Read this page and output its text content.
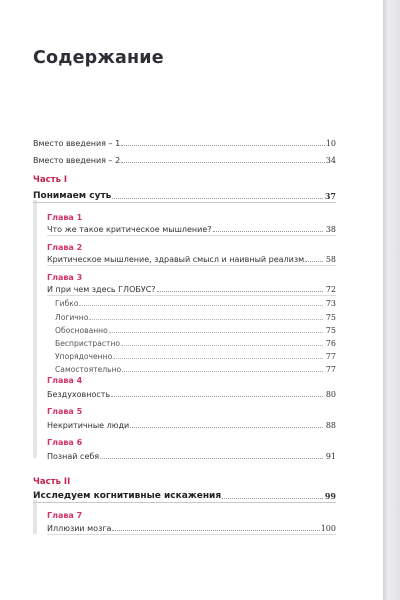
Содержание
Вместо введения – 1	10
Вместо введения – 2	34
Часть I
Понимаем суть	37
Глава 1
Что же такое критическое мышление?	38
Глава 2
Критическое мышление, здравый смысл и наивный реализм	58
Глава 3
И при чем здесь ГЛОБУС?	72
Гибко	73
Логично	75
Обоснованно	75
Беспристрастно	76
Упорядоченно	77
Самостоятельно	77
Глава 4
Бездуховность	80
Глава 5
Некритичные люди	88
Глава 6
Познай себя	91
Часть II
Исследуем когнитивные искажения	99
Глава 7
Иллюзии мозга	100
